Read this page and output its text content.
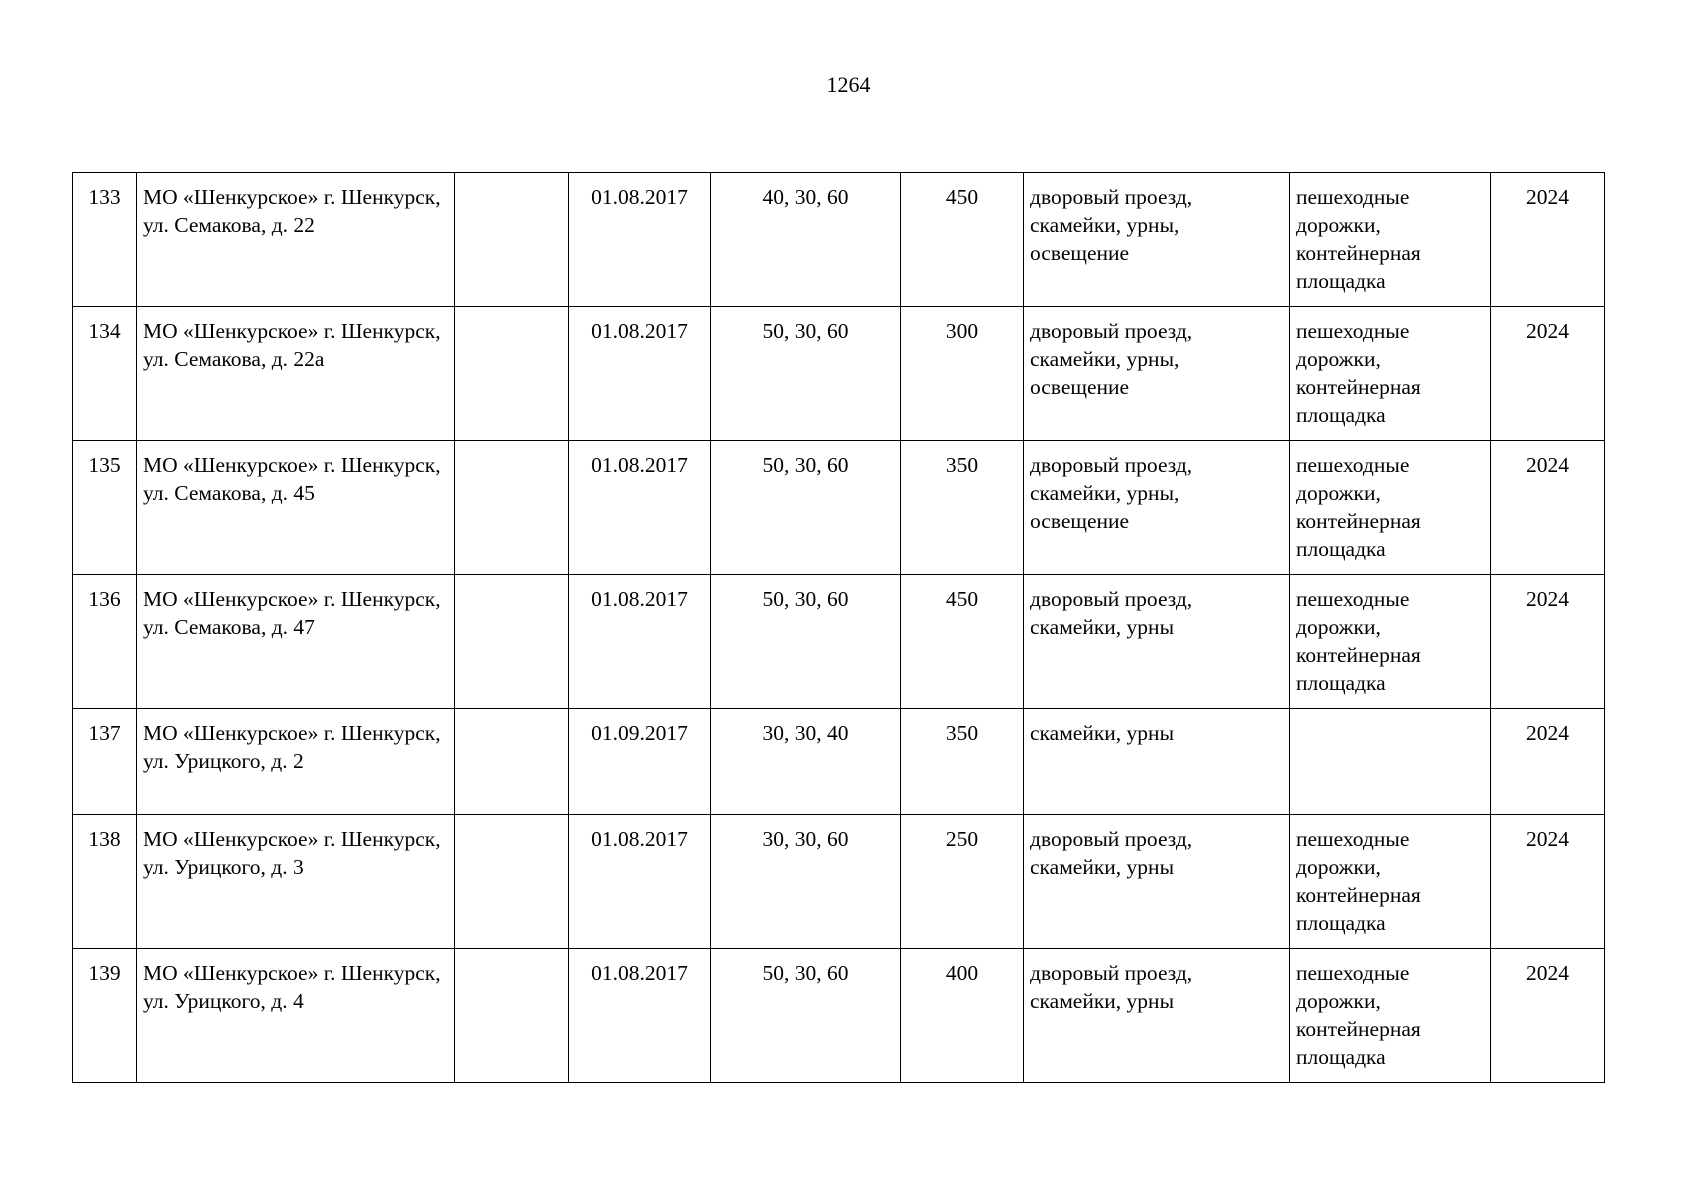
1264
133	МО «Шенкурское» г. Шенкурск, ул. Семакова, д. 22		01.08.2017	40, 30, 60	450	дворовый проезд, скамейки, урны, освещение	пешеходные дорожки, контейнерная площадка	2024
134	МО «Шенкурское» г. Шенкурск, ул. Семакова, д. 22а		01.08.2017	50, 30, 60	300	дворовый проезд, скамейки, урны, освещение	пешеходные дорожки, контейнерная площадка	2024
135	МО «Шенкурское» г. Шенкурск, ул. Семакова, д. 45		01.08.2017	50, 30, 60	350	дворовый проезд, скамейки, урны, освещение	пешеходные дорожки, контейнерная площадка	2024
136	МО «Шенкурское» г. Шенкурск, ул. Семакова, д. 47		01.08.2017	50, 30, 60	450	дворовый проезд, скамейки, урны	пешеходные дорожки, контейнерная площадка	2024
137	МО «Шенкурское» г. Шенкурск, ул. Урицкого, д. 2		01.09.2017	30, 30, 40	350	скамейки, урны		2024
138	МО «Шенкурское» г. Шенкурск, ул. Урицкого, д. 3		01.08.2017	30, 30, 60	250	дворовый проезд, скамейки, урны	пешеходные дорожки, контейнерная площадка	2024
139	МО «Шенкурское» г. Шенкурск, ул. Урицкого, д. 4		01.08.2017	50, 30, 60	400	дворовый проезд, скамейки, урны	пешеходные дорожки, контейнерная площадка	2024
